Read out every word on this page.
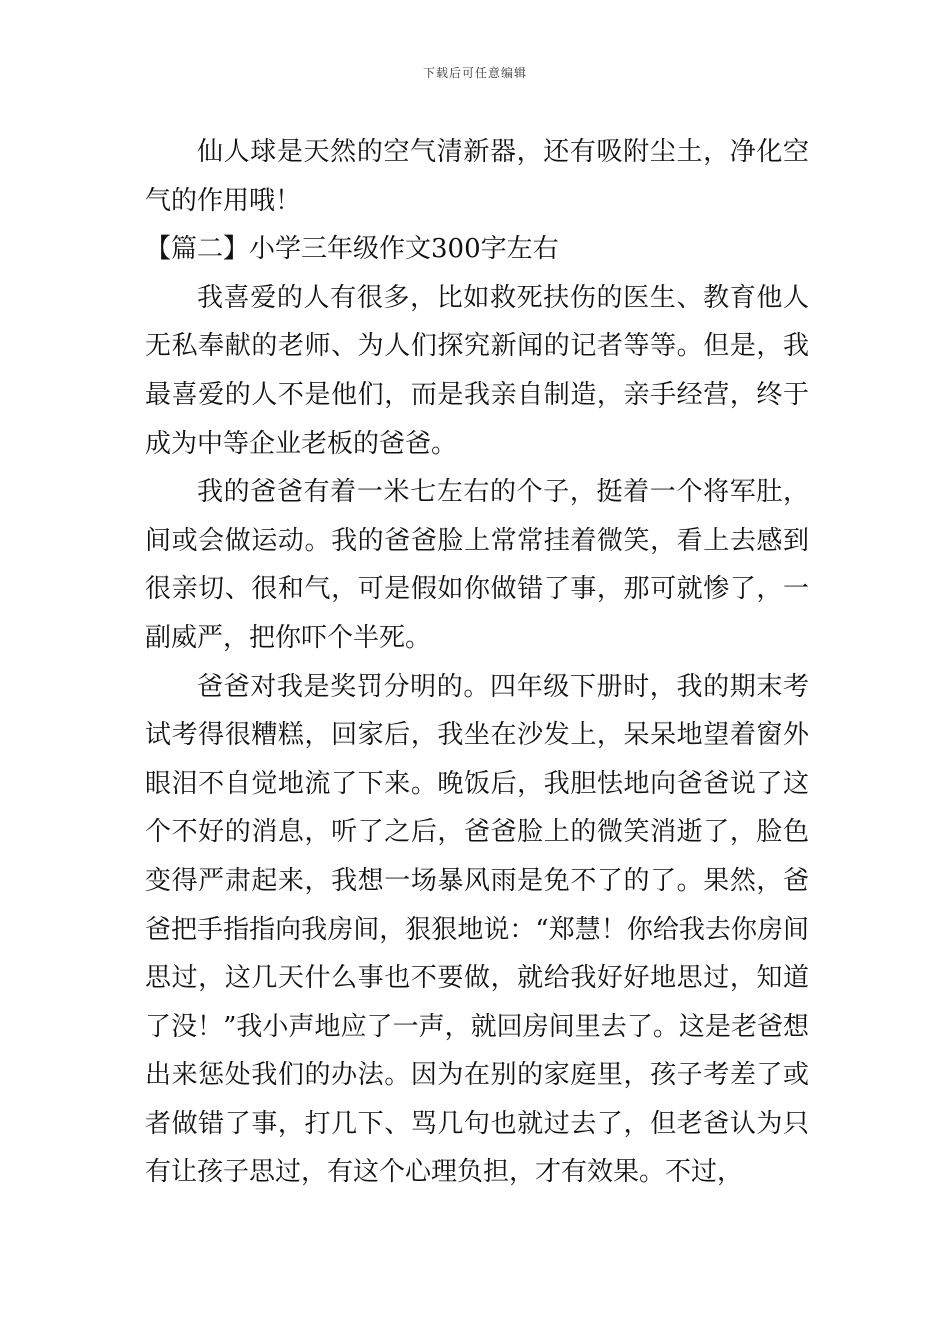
下载后可任意编辑

仙人球是天然的空气清新器，还有吸附尘土，净化空气的作用哦！

【篇二】小学三年级作文300字左右

我喜爱的人有很多，比如救死扶伤的医生、教育他人无私奉献的老师、为人们探究新闻的记者等等。但是，我最喜爱的人不是他们，而是我亲自制造，亲手经营，终于成为中等企业老板的爸爸。

我的爸爸有着一米七左右的个子，挺着一个将军肚，间或会做运动。我的爸爸脸上常常挂着微笑，看上去感到很亲切、很和气，可是假如你做错了事，那可就惨了，一副威严，把你吓个半死。

爸爸对我是奖罚分明的。四年级下册时，我的期末考试考得很糟糕，回家后，我坐在沙发上，呆呆地望着窗外眼泪不自觉地流了下来。晚饭后，我胆怯地向爸爸说了这个不好的消息，听了之后，爸爸脸上的微笑消逝了，脸色变得严肃起来，我想一场暴风雨是免不了的了。果然，爸爸把手指指向我房间，狠狠地说：“郑慧！你给我去你房间思过，这几天什么事也不要做，就给我好好地思过，知道了没！”我小声地应了一声，就回房间里去了。这是老爸想出来惩处我们的办法。因为在别的家庭里，孩子考差了或者做错了事，打几下、骂几句也就过去了，但老爸认为只有让孩子思过，有这个心理负担，才有效果。不过，
